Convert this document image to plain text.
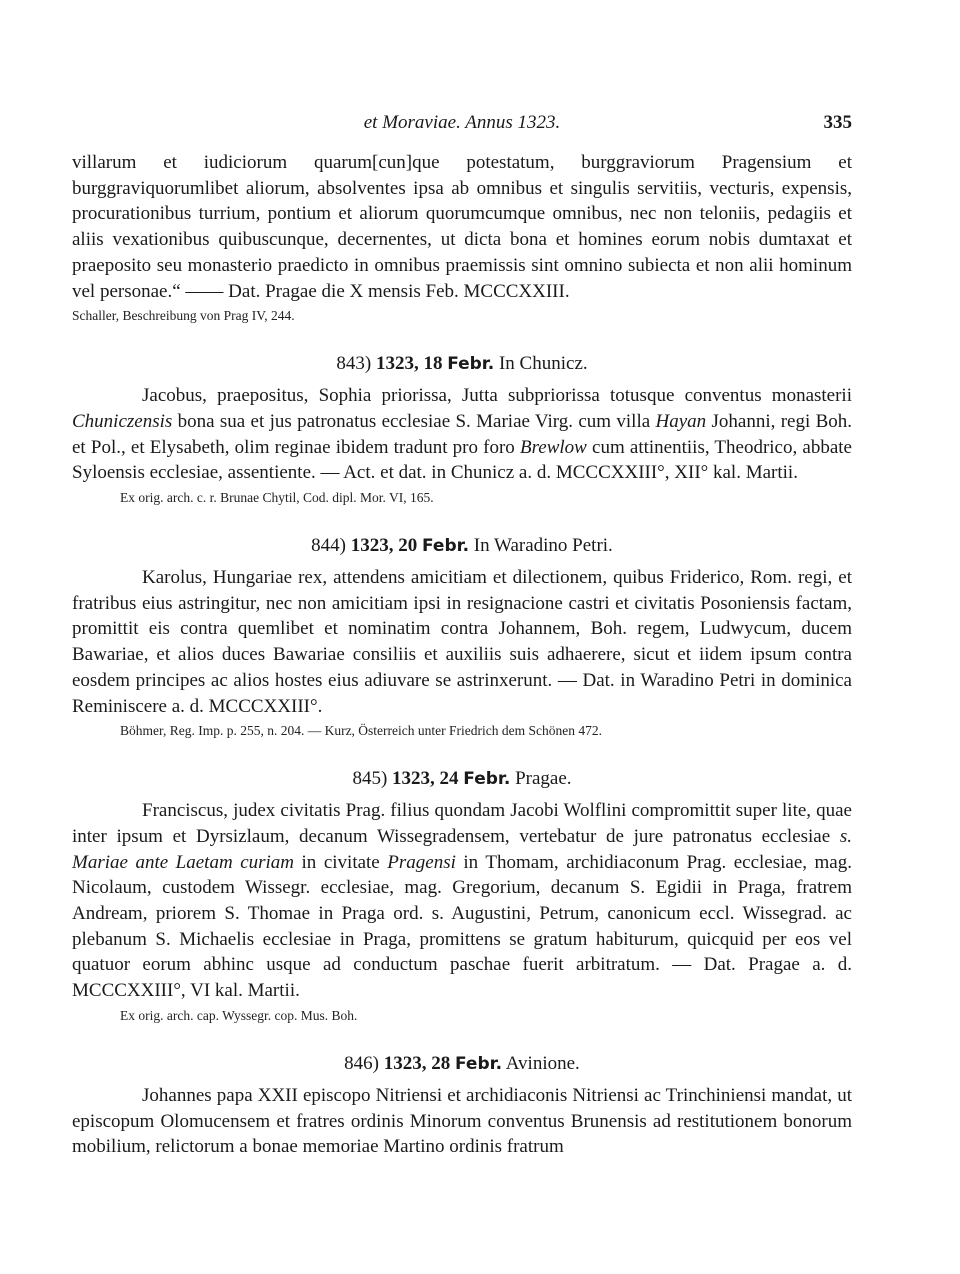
et Moraviae. Annus 1323.	335

villarum et iudiciorum quarum[cun]que potestatum, burggraviorum Pragensium et burggraviquorumlibet aliorum, absolventes ipsa ab omnibus et singulis servitiis, vecturis, expensis, procurationibus turrium, pontium et aliorum quorumcumque omnibus, nec non teloniis, pedagiis et aliis vexationibus quibuscunque, decernentes, ut dicta bona et homines eorum nobis dumtaxat et praeposito seu monasterio praedicto in omnibus praemissis sint omnino subiecta et non alii hominum vel personae.“ —— Dat. Pragae die X mensis Feb. MCCCXXIII.

Schaller, Beschreibung von Prag IV, 244.

843) 1323, 18 Febr. In Chunicz.

Jacobus, praepositus, Sophia priorissa, Jutta subpriorissa totusque conventus monasterii Chuniczensis bona sua et jus patronatus ecclesiae S. Mariae Virg. cum villa Hayan Johanni, regi Boh. et Pol., et Elysabeth, olim reginae ibidem tradunt pro foro Brewlow cum attinentiis, Theodrico, abbate Syloensis ecclesiae, assentiente. — Act. et dat. in Chunicz a. d. MCCCXXIII°, XII° kal. Martii.

Ex orig. arch. c. r. Brunae Chytil, Cod. dipl. Mor. VI, 165.

844) 1323, 20 Febr. In Waradino Petri.

Karolus, Hungariae rex, attendens amicitiam et dilectionem, quibus Friderico, Rom. regi, et fratribus eius astringitur, nec non amicitiam ipsi in resignacione castri et civitatis Posoniensis factam, promittit eis contra quemlibet et nominatim contra Johannem, Boh. regem, Ludwycum, ducem Bawariae, et alios duces Bawariae consiliis et auxiliis suis adhaerere, sicut et iidem ipsum contra eosdem principes ac alios hostes eius adiuvare se astrinxerunt. — Dat. in Waradino Petri in dominica Reminiscere a. d. MCCCXXIII°.

Böhmer, Reg. Imp. p. 255, n. 204. — Kurz, Österreich unter Friedrich dem Schönen 472.

845) 1323, 24 Febr. Pragae.

Franciscus, judex civitatis Prag. filius quondam Jacobi Wolflini compromittit super lite, quae inter ipsum et Dyrsizlaum, decanum Wissegradensem, vertebatur de jure patronatus ecclesiae s. Mariae ante Laetam curiam in civitate Pragensi in Thomam, archidiaconum Prag. ecclesiae, mag. Nicolaum, custodem Wissegr. ecclesiae, mag. Gregorium, decanum S. Egidii in Praga, fratrem Andream, priorem S. Thomae in Praga ord. s. Augustini, Petrum, canonicum eccl. Wissegrad. ac plebanum S. Michaelis ecclesiae in Praga, promittens se gratum habiturum, quicquid per eos vel quatuor eorum abhinc usque ad conductum paschae fuerit arbitratum. — Dat. Pragae a. d. MCCCXXIII°, VI kal. Martii.

Ex orig. arch. cap. Wyssegr. cop. Mus. Boh.

846) 1323, 28 Febr. Avinione.

Johannes papa XXII episcopo Nitriensi et archidiaconis Nitriensi ac Trinchiniensi mandat, ut episcopum Olomucensem et fratres ordinis Minorum conventus Brunensis ad restitutionem bonorum mobilium, relictorum a bonae memoriae Martino ordinis fratrum
